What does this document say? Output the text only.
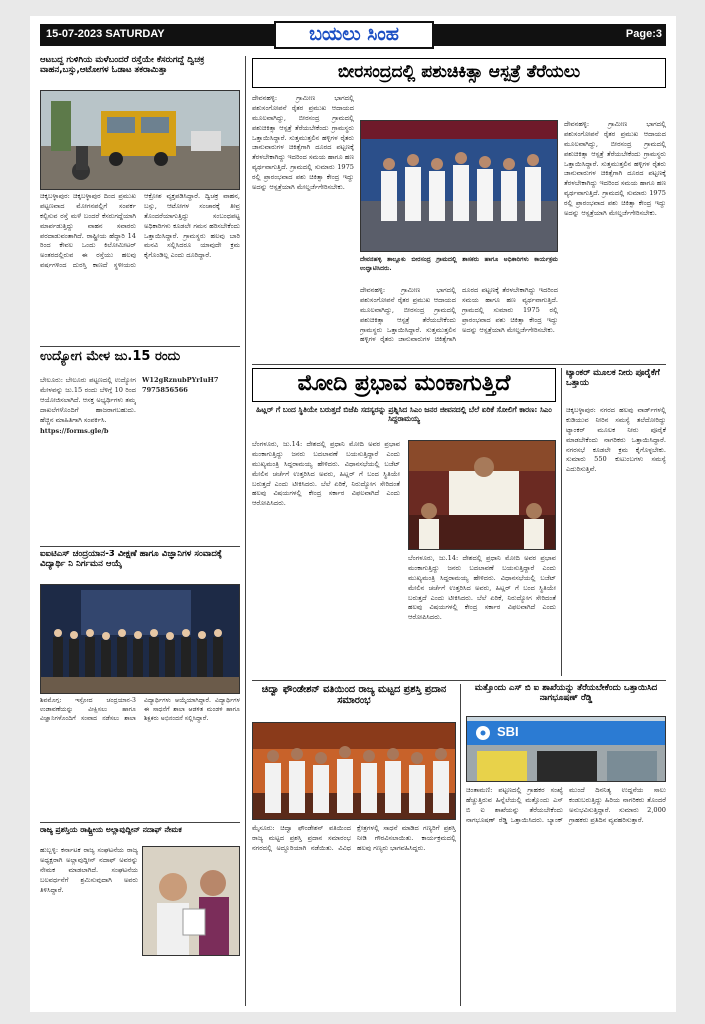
15-07-2023 SATURDAY	ಬಯಲು ಸಿಂಹ	Page:3
ಆಟಬದ್ದ ಗುಳಿಗಿಯ ಮಳೆಬಂದರೆ ರಸ್ತೆಯೇ ಕೆಸರುಗದ್ದೆ ದ್ವಿಚಕ್ರ ವಾಹನ,ಬಸ್ಸು,ಆಟೋಗಳ ಓಡಾಟ ತಕರಾಮಿತ್ತಾ

ಚಿಕ್ಕಬಳ್ಳಾಪುರ: ಚಿಕ್ಕಬಳ್ಳಾಪುರ ದಿಂದ ಪ್ರಮುಖ ಪಟ್ಟಣವಾದ ಮೋಗನಪಲ್ಲಿಗೆ ಸಂಪರ್ಕ ಕಲ್ಪಿಸುವ ರಸ್ತೆ ಮಳೆ ಬಂದರೆ ಕೆಸರುಗದ್ದೆಯಾಗಿ ಮಾರ್ಪಡುತ್ತಿದ್ದು ವಾಹನ ಸವಾರರು ಪರದಾಡುವಂತಾಗಿದೆ. ರಾಷ್ಟ್ರೀಯ ಹೆದ್ದಾರಿ 14 ರಿಂದ ಕೇವಲ ಒಂದು ಕಿಲೋಮೀಟರ್ ಅಂತರದಲ್ಲಿರುವ ಈ ರಸ್ತೆಯು ಹಲವು ವರ್ಷಗಳಿಂದ ದುರಸ್ತಿ ಕಾಣದೆ ಸ್ಥಳೀಯರು ಆಕ್ರೋಶ ವ್ಯಕ್ತಪಡಿಸಿದ್ದಾರೆ. ದ್ವಿಚಕ್ರ ವಾಹನ, ಬಸ್ಸು, ಆಟೋಗಳ ಸಂಚಾರಕ್ಕೆ ತೀವ್ರ ತೊಂದರೆಯಾಗುತ್ತಿದ್ದು ಸಂಬಂಧಪಟ್ಟ ಅಧಿಕಾರಿಗಳು ಕೂಡಲೇ ಗಮನ ಹರಿಸಬೇಕೆಂದು ಒತ್ತಾಯಿಸಿದ್ದಾರೆ. ಗ್ರಾಮಸ್ಥರು ಹಲವು ಬಾರಿ ಮನವಿ ಸಲ್ಲಿಸಿದರೂ ಯಾವುದೇ ಕ್ರಮ ಕೈಗೊಂಡಿಲ್ಲ ಎಂದು ದೂರಿದ್ದಾರೆ.

ಉದ್ಯೋಗ ಮೇಳ ಜು.15 ರಂದು

ಬೇಲೂರು: ಬೇಲೂರು ಪಟ್ಟಣದಲ್ಲಿ ಉದ್ಯೋಗ ಮೇಳವನ್ನು ಜು.15 ರಂದು ಬೆಳಿಗ್ಗೆ 10 ರಿಂದ ಆಯೋಜಿಸಲಾಗಿದೆ. ಆಸಕ್ತ ಅಭ್ಯರ್ಥಿಗಳು ತಮ್ಮ ದಾಖಲೆಗಳೊಂದಿಗೆ ಹಾಜರಾಗಬಹುದು. ಹೆಚ್ಚಿನ ಮಾಹಿತಿಗಾಗಿ ಸಂಪರ್ಕಿಸಿ.

https://forms.gle/b

W12gRznubPYrIuH7

7975856566

ಐಐಟಿಎಸ್ ಚಂದ್ರಯಾನ-3 ವೀಕ್ಷಣೆ ಹಾಗೂ ವಿಜ್ಞಾನಿಗಳ ಸಂವಾದಕ್ಕೆ ವಿದ್ಯಾರ್ಥಿ ನಿ ನಿರ್ಗಮನ ಆಯ್ಕೆ

ಶಿವಮೊಗ್ಗ: ಇಸ್ರೋದ ಚಂದ್ರಯಾನ-3 ಉಡಾವಣೆಯನ್ನು ವೀಕ್ಷಿಸಲು ಹಾಗೂ ವಿಜ್ಞಾನಿಗಳೊಂದಿಗೆ ಸಂವಾದ ನಡೆಸಲು ಶಾಲಾ ವಿದ್ಯಾರ್ಥಿಗಳು ಆಯ್ಕೆಯಾಗಿದ್ದಾರೆ. ವಿದ್ಯಾರ್ಥಿಗಳ ಈ ಸಾಧನೆಗೆ ಶಾಲಾ ಆಡಳಿತ ಮಂಡಳಿ ಹಾಗೂ ಶಿಕ್ಷಕರು ಅಭಿನಂದನೆ ಸಲ್ಲಿಸಿದ್ದಾರೆ.

ರಾಜ್ಯ ಪ್ರಶಸ್ತಿಯ ರಾಷ್ಟ್ರೀಯ ಅಲ್ಲಾವುದ್ದೀನ್ ನದಾಫ್ ನೇಮಕ

ಹುಬ್ಬಳ್ಳಿ: ಕರ್ನಾಟಕ ರಾಜ್ಯ ಸಂಘಟನೆಯ ರಾಜ್ಯ ಅಧ್ಯಕ್ಷರಾಗಿ ಅಲ್ಲಾವುದ್ದೀನ್ ನದಾಫ್ ಅವರನ್ನು ನೇಮಕ ಮಾಡಲಾಗಿದೆ. ಸಂಘಟನೆಯ ಬಲವರ್ಧನೆಗೆ ಶ್ರಮಿಸುವುದಾಗಿ ಅವರು ತಿಳಿಸಿದ್ದಾರೆ.

ಬೀರಸಂದ್ರದಲ್ಲಿ ಪಶುಚಿಕಿತ್ಸಾ ಆಸ್ಪತ್ರೆ ತೆರೆಯಲು

ದೇವನಹಳ್ಳಿ: ಗ್ರಾಮೀಣ ಭಾಗದಲ್ಲಿ ಪಶುಸಂಗೋಪನೆ ರೈತರ ಪ್ರಮುಖ ಆದಾಯದ ಮೂಲವಾಗಿದ್ದು, ಬೀರಸಂದ್ರ ಗ್ರಾಮದಲ್ಲಿ ಪಶುಚಿಕಿತ್ಸಾ ಆಸ್ಪತ್ರೆ ತೆರೆಯಬೇಕೆಂದು ಗ್ರಾಮಸ್ಥರು ಒತ್ತಾಯಿಸಿದ್ದಾರೆ. ಸುತ್ತಮುತ್ತಲಿನ ಹಳ್ಳಿಗಳ ರೈತರು ಜಾನುವಾರುಗಳ ಚಿಕಿತ್ಸೆಗಾಗಿ ದೂರದ ಪಟ್ಟಣಕ್ಕೆ ತೆರಳಬೇಕಾಗಿದ್ದು ಇದರಿಂದ ಸಮಯ ಹಾಗೂ ಹಣ ವ್ಯರ್ಥವಾಗುತ್ತಿದೆ. ಗ್ರಾಮದಲ್ಲಿ ಸುಮಾರು 1975 ರಲ್ಲಿ ಪ್ರಾರಂಭವಾದ ಪಶು ಚಿಕಿತ್ಸಾ ಕೇಂದ್ರ ಇದ್ದು ಅದನ್ನು ಆಸ್ಪತ್ರೆಯಾಗಿ ಮೇಲ್ದರ್ಜೆಗೇರಿಸಬೇಕು.

ದೇವನಹಳ್ಳಿ ತಾಲ್ಲೂಕು ಬೀರಸಂದ್ರ ಗ್ರಾಮದಲ್ಲಿ ಶಾಸಕರು ಹಾಗೂ ಅಧಿಕಾರಿಗಳು ಕಾರ್ಯಕ್ರಮ ಉದ್ಘಾಟಿಸಿದರು.

ದೇವನಹಳ್ಳಿ: ಗ್ರಾಮೀಣ ಭಾಗದಲ್ಲಿ ಪಶುಸಂಗೋಪನೆ ರೈತರ ಪ್ರಮುಖ ಆದಾಯದ ಮೂಲವಾಗಿದ್ದು, ಬೀರಸಂದ್ರ ಗ್ರಾಮದಲ್ಲಿ ಪಶುಚಿಕಿತ್ಸಾ ಆಸ್ಪತ್ರೆ ತೆರೆಯಬೇಕೆಂದು ಗ್ರಾಮಸ್ಥರು ಒತ್ತಾಯಿಸಿದ್ದಾರೆ. ಸುತ್ತಮುತ್ತಲಿನ ಹಳ್ಳಿಗಳ ರೈತರು ಜಾನುವಾರುಗಳ ಚಿಕಿತ್ಸೆಗಾಗಿ ದೂರದ ಪಟ್ಟಣಕ್ಕೆ ತೆರಳಬೇಕಾಗಿದ್ದು ಇದರಿಂದ ಸಮಯ ಹಾಗೂ ಹಣ ವ್ಯರ್ಥವಾಗುತ್ತಿದೆ. ಗ್ರಾಮದಲ್ಲಿ ಸುಮಾರು 1975 ರಲ್ಲಿ ಪ್ರಾರಂಭವಾದ ಪಶು ಚಿಕಿತ್ಸಾ ಕೇಂದ್ರ ಇದ್ದು ಅದನ್ನು ಆಸ್ಪತ್ರೆಯಾಗಿ ಮೇಲ್ದರ್ಜೆಗೇರಿಸಬೇಕು.

ದೇವನಹಳ್ಳಿ: ಗ್ರಾಮೀಣ ಭಾಗದಲ್ಲಿ ಪಶುಸಂಗೋಪನೆ ರೈತರ ಪ್ರಮುಖ ಆದಾಯದ ಮೂಲವಾಗಿದ್ದು, ಬೀರಸಂದ್ರ ಗ್ರಾಮದಲ್ಲಿ ಪಶುಚಿಕಿತ್ಸಾ ಆಸ್ಪತ್ರೆ ತೆರೆಯಬೇಕೆಂದು ಗ್ರಾಮಸ್ಥರು ಒತ್ತಾಯಿಸಿದ್ದಾರೆ. ಸುತ್ತಮುತ್ತಲಿನ ಹಳ್ಳಿಗಳ ರೈತರು ಜಾನುವಾರುಗಳ ಚಿಕಿತ್ಸೆಗಾಗಿ ದೂರದ ಪಟ್ಟಣಕ್ಕೆ ತೆರಳಬೇಕಾಗಿದ್ದು ಇದರಿಂದ ಸಮಯ ಹಾಗೂ ಹಣ ವ್ಯರ್ಥವಾಗುತ್ತಿದೆ. ಗ್ರಾಮದಲ್ಲಿ ಸುಮಾರು 1975 ರಲ್ಲಿ ಪ್ರಾರಂಭವಾದ ಪಶು ಚಿಕಿತ್ಸಾ ಕೇಂದ್ರ ಇದ್ದು ಅದನ್ನು ಆಸ್ಪತ್ರೆಯಾಗಿ ಮೇಲ್ದರ್ಜೆಗೇರಿಸಬೇಕು.

ಮೋದಿ ಪ್ರಭಾವ ಮಂಕಾಗುತ್ತಿದೆ
ಹಿಟ್ಲರ್ ಗೆ ಬಂದ ಸ್ಥಿತಿಯೇ ಬರುತ್ತದೆ ಬಿಜೆಪಿ ಸದಸ್ಯರನ್ನು ಪ್ರಶ್ನಿಸಿದ ಸಿಎಂ ಜನರ ಜೀವನದಲ್ಲಿ ಬೆಲೆ ಏರಿಕೆ ಸೋಲಿಗೆ ಕಾರಣ: ಸಿಎಂ ಸಿದ್ದರಾಮಯ್ಯ

ಬೆಂಗಳೂರು, ಜು.14: ದೇಶದಲ್ಲಿ ಪ್ರಧಾನಿ ಮೋದಿ ಅವರ ಪ್ರಭಾವ ಮಂಕಾಗುತ್ತಿದ್ದು ಜನರು ಬದಲಾವಣೆ ಬಯಸುತ್ತಿದ್ದಾರೆ ಎಂದು ಮುಖ್ಯಮಂತ್ರಿ ಸಿದ್ದರಾಮಯ್ಯ ಹೇಳಿದರು. ವಿಧಾನಸಭೆಯಲ್ಲಿ ಬಜೆಟ್ ಮೇಲಿನ ಚರ್ಚೆಗೆ ಉತ್ತರಿಸಿದ ಅವರು, ಹಿಟ್ಲರ್ ಗೆ ಬಂದ ಸ್ಥಿತಿಯೇ ಬರುತ್ತದೆ ಎಂದು ಟೀಕಿಸಿದರು. ಬೆಲೆ ಏರಿಕೆ, ನಿರುದ್ಯೋಗ ಸೇರಿದಂತೆ ಹಲವು ವಿಷಯಗಳಲ್ಲಿ ಕೇಂದ್ರ ಸರ್ಕಾರ ವಿಫಲವಾಗಿದೆ ಎಂದು ಆರೋಪಿಸಿದರು.

ಬೆಂಗಳೂರು, ಜು.14: ದೇಶದಲ್ಲಿ ಪ್ರಧಾನಿ ಮೋದಿ ಅವರ ಪ್ರಭಾವ ಮಂಕಾಗುತ್ತಿದ್ದು ಜನರು ಬದಲಾವಣೆ ಬಯಸುತ್ತಿದ್ದಾರೆ ಎಂದು ಮುಖ್ಯಮಂತ್ರಿ ಸಿದ್ದರಾಮಯ್ಯ ಹೇಳಿದರು. ವಿಧಾನಸಭೆಯಲ್ಲಿ ಬಜೆಟ್ ಮೇಲಿನ ಚರ್ಚೆಗೆ ಉತ್ತರಿಸಿದ ಅವರು, ಹಿಟ್ಲರ್ ಗೆ ಬಂದ ಸ್ಥಿತಿಯೇ ಬರುತ್ತದೆ ಎಂದು ಟೀಕಿಸಿದರು. ಬೆಲೆ ಏರಿಕೆ, ನಿರುದ್ಯೋಗ ಸೇರಿದಂತೆ ಹಲವು ವಿಷಯಗಳಲ್ಲಿ ಕೇಂದ್ರ ಸರ್ಕಾರ ವಿಫಲವಾಗಿದೆ ಎಂದು ಆರೋಪಿಸಿದರು.

ಟ್ಯಾಂಕರ್ ಮೂಲಕ ನೀರು ಪೂರೈಕೆಗೆ ಒತ್ತಾಯ

ಚಿಕ್ಕಬಳ್ಳಾಪುರ: ನಗರದ ಹಲವು ವಾರ್ಡ್‌ಗಳಲ್ಲಿ ಕುಡಿಯುವ ನೀರಿನ ಸಮಸ್ಯೆ ತಲೆದೋರಿದ್ದು ಟ್ಯಾಂಕರ್ ಮೂಲಕ ನೀರು ಪೂರೈಕೆ ಮಾಡಬೇಕೆಂದು ನಾಗರಿಕರು ಒತ್ತಾಯಿಸಿದ್ದಾರೆ. ನಗರಸಭೆ ಕೂಡಲೇ ಕ್ರಮ ಕೈಗೊಳ್ಳಬೇಕು. ಸುಮಾರು 550 ಕುಟುಂಬಗಳು ಸಮಸ್ಯೆ ಎದುರಿಸುತ್ತಿವೆ.

ಚಿದ್ವಾ ಫೌಂಡೇಶನ್ ವತಿಯಿಂದ ರಾಜ್ಯ ಮಟ್ಟದ ಪ್ರಶಸ್ತಿ ಪ್ರದಾನ ಸಮಾರಂಭ

ಮೈಸೂರು: ಚಿದ್ವಾ ಫೌಂಡೇಶನ್ ವತಿಯಿಂದ ರಾಜ್ಯ ಮಟ್ಟದ ಪ್ರಶಸ್ತಿ ಪ್ರದಾನ ಸಮಾರಂಭ ನಗರದಲ್ಲಿ ಅದ್ದೂರಿಯಾಗಿ ನಡೆಯಿತು. ವಿವಿಧ ಕ್ಷೇತ್ರಗಳಲ್ಲಿ ಸಾಧನೆ ಮಾಡಿದ ಗಣ್ಯರಿಗೆ ಪ್ರಶಸ್ತಿ ನೀಡಿ ಗೌರವಿಸಲಾಯಿತು. ಕಾರ್ಯಕ್ರಮದಲ್ಲಿ ಹಲವು ಗಣ್ಯರು ಭಾಗವಹಿಸಿದ್ದರು.

ಮತ್ತೊಂದು ಎಸ್ ಬಿ ಐ ಶಾಖೆಯನ್ನು ತೆರೆಯಬೇಕೆಂದು ಒತ್ತಾಯಿಸಿದ ನಾಗಭೂಷಣ್ ರೆಡ್ಡಿ
SBI

ಚಿಂತಾಮಣಿ: ಪಟ್ಟಣದಲ್ಲಿ ಗ್ರಾಹಕರ ಸಂಖ್ಯೆ ಹೆಚ್ಚುತ್ತಿರುವ ಹಿನ್ನೆಲೆಯಲ್ಲಿ ಮತ್ತೊಂದು ಎಸ್ ಬಿ ಐ ಶಾಖೆಯನ್ನು ತೆರೆಯಬೇಕೆಂದು ನಾಗಭೂಷಣ್ ರೆಡ್ಡಿ ಒತ್ತಾಯಿಸಿದರು. ಬ್ಯಾಂಕ್ ಮುಂದೆ ದಿನನಿತ್ಯ ಉದ್ದನೆಯ ಸಾಲು ಕಂಡುಬರುತ್ತಿದ್ದು ಹಿರಿಯ ನಾಗರಿಕರು ತೊಂದರೆ ಅನುಭವಿಸುತ್ತಿದ್ದಾರೆ. ಸುಮಾರು 2,000 ಗ್ರಾಹಕರು ಪ್ರತಿದಿನ ವ್ಯವಹರಿಸುತ್ತಾರೆ.
